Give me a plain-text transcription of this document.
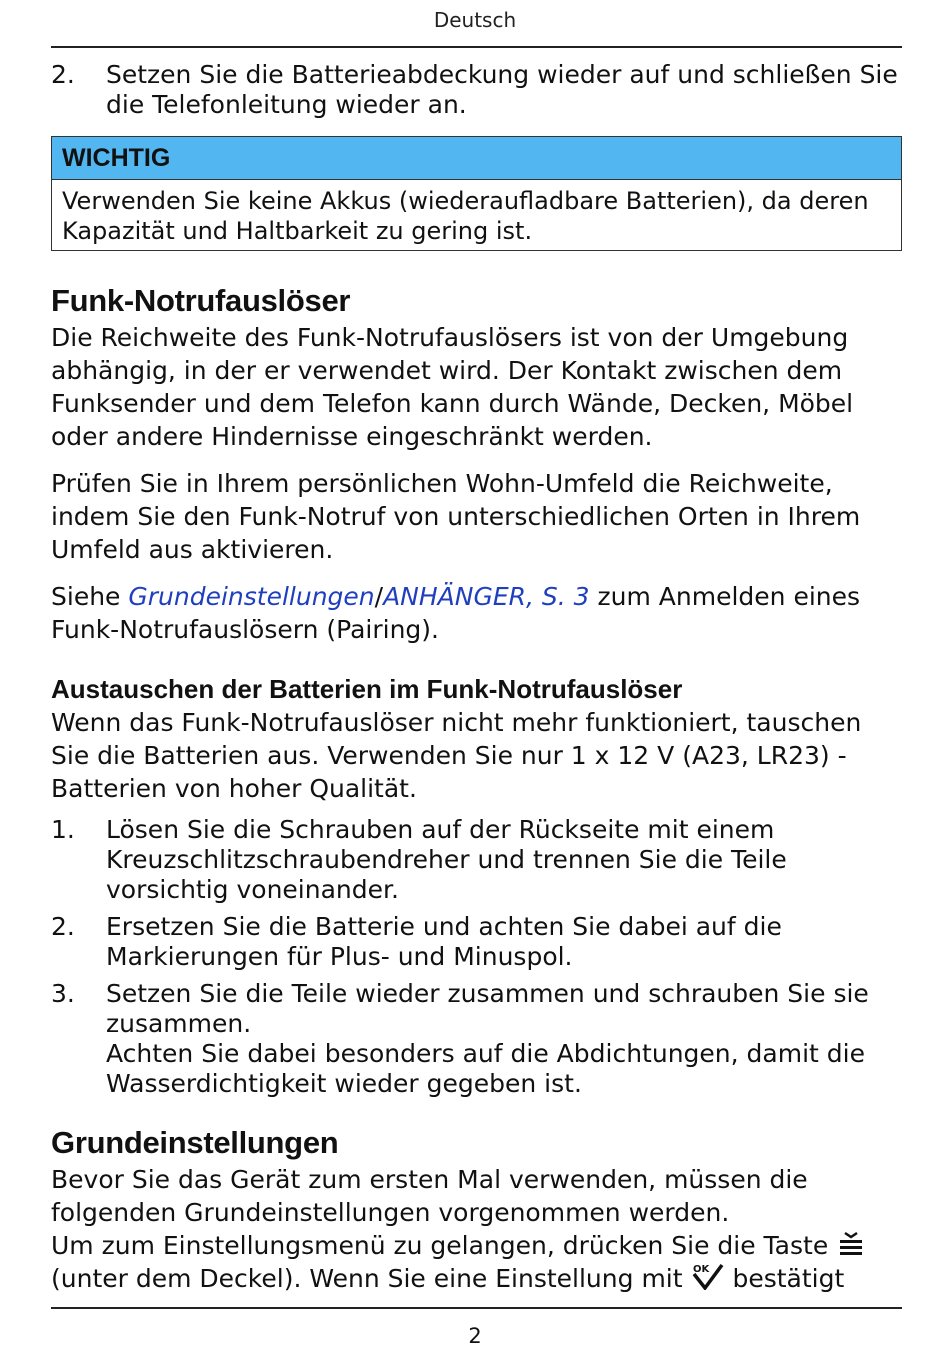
Deutsch
2. Setzen Sie die Batterieabdeckung wieder auf und schließen Sie die Telefonleitung wieder an.
WICHTIG
Verwenden Sie keine Akkus (wiederaufladbare Batterien), da deren Kapazität und Haltbarkeit zu gering ist.
Funk-Notrufauslöser

Die Reichweite des Funk-Notrufauslösers ist von der Umgebung abhängig, in der er verwendet wird. Der Kontakt zwischen dem Funksender und dem Telefon kann durch Wände, Decken, Möbel oder andere Hindernisse eingeschränkt werden.

Prüfen Sie in Ihrem persönlichen Wohn-Umfeld die Reichweite, indem Sie den Funk-Notruf von unterschiedlichen Orten in Ihrem Umfeld aus aktivieren.

Siehe Grundeinstellungen/ANHÄNGER, S. 3 zum Anmelden eines Funk-Notrufauslösern (Pairing).

Austauschen der Batterien im Funk-Notrufauslöser

Wenn das Funk-Notrufauslöser nicht mehr funktioniert, tauschen Sie die Batterien aus. Verwenden Sie nur 1 x 12 V (A23, LR23) -Batterien von hoher Qualität.

1. Lösen Sie die Schrauben auf der Rückseite mit einem Kreuzschlitzschraubendreher und trennen Sie die Teile vorsichtig voneinander.
2. Ersetzen Sie die Batterie und achten Sie dabei auf die Markierungen für Plus- und Minuspol.
3. Setzen Sie die Teile wieder zusammen und schrauben Sie sie zusammen.
Achten Sie dabei besonders auf die Abdichtungen, damit die Wasserdichtigkeit wieder gegeben ist.
Grundeinstellungen

Bevor Sie das Gerät zum ersten Mal verwenden, müssen die folgenden Grundeinstellungen vorgenommen werden.

Um zum Einstellungsmenü zu gelangen, drücken Sie die Taste
(unter dem Deckel). Wenn Sie eine Einstellung mit OK bestätigt

2
